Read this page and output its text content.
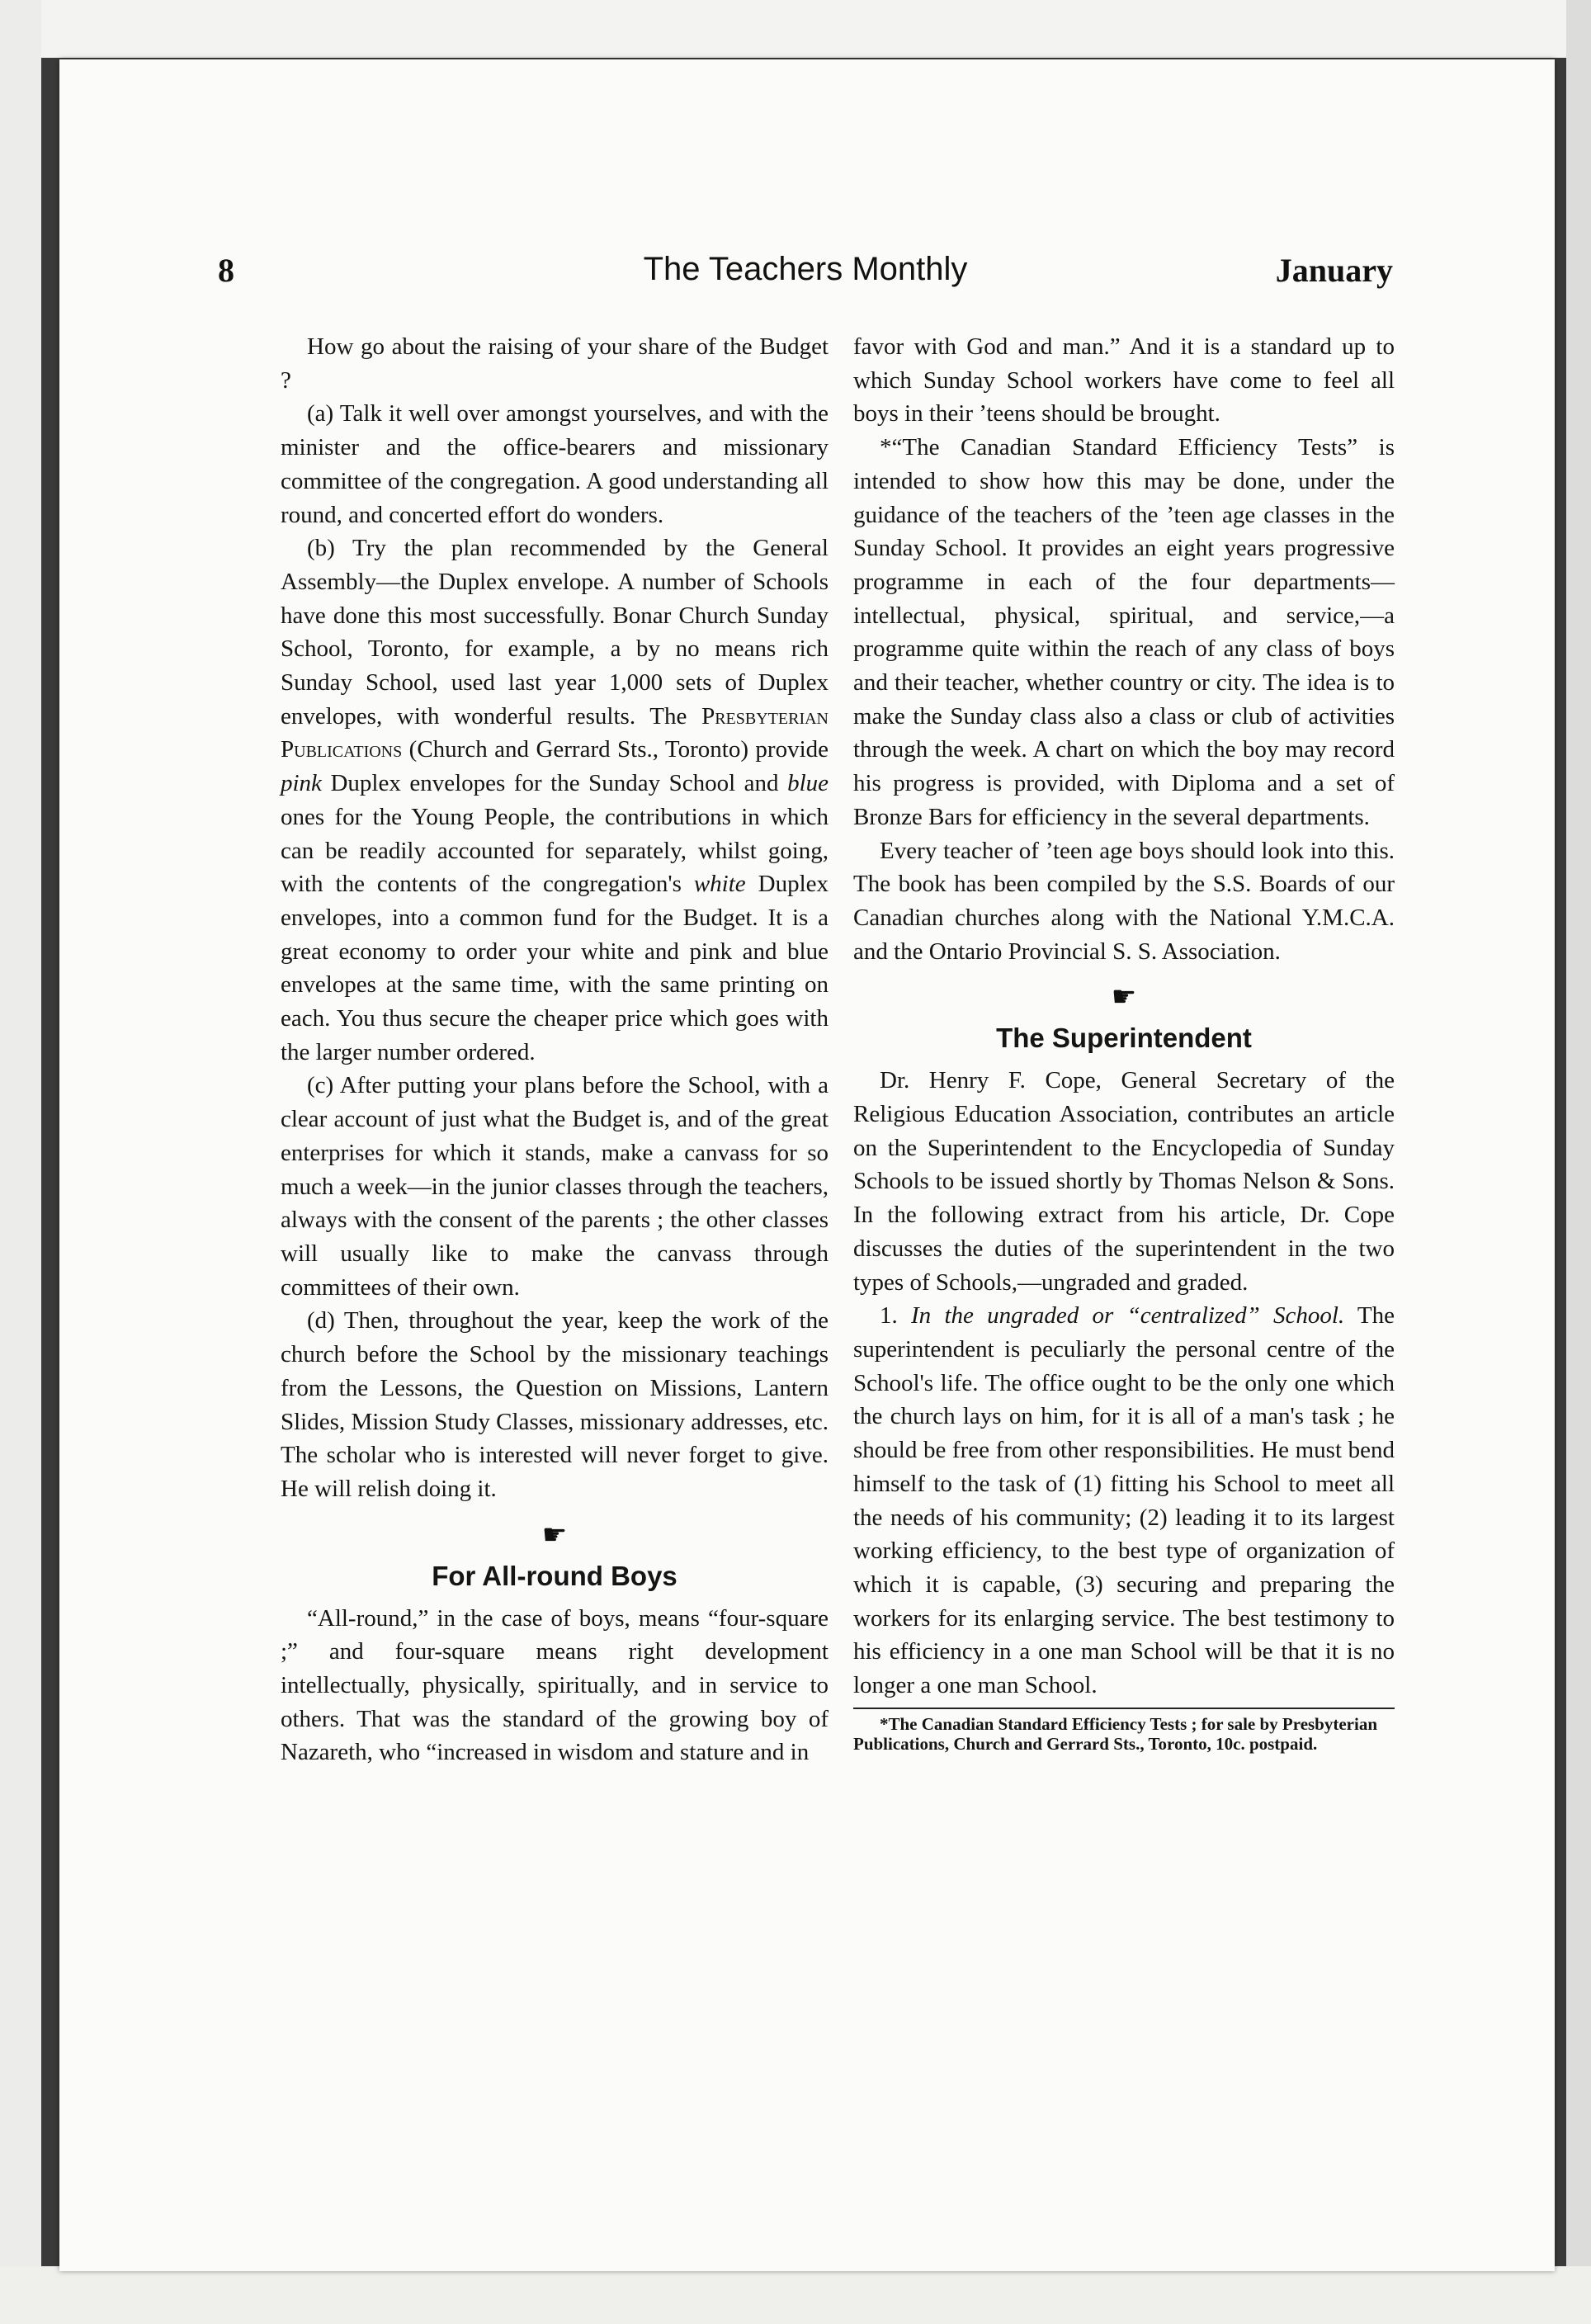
8	The Teachers Monthly	January

How go about the raising of your share of the Budget ?

(a) Talk it well over amongst yourselves, and with the minister and the office-bearers and missionary committee of the congregation. A good understanding all round, and concerted effort do wonders.

(b) Try the plan recommended by the General Assembly—the Duplex envelope. A number of Schools have done this most successfully. Bonar Church Sunday School, Toronto, for example, a by no means rich Sunday School, used last year 1,000 sets of Duplex envelopes, with wonderful results. The Presbyterian Publications (Church and Gerrard Sts., Toronto) provide pink Duplex envelopes for the Sunday School and blue ones for the Young People, the contributions in which can be readily accounted for separately, whilst going, with the contents of the congregation's white Duplex envelopes, into a common fund for the Budget. It is a great economy to order your white and pink and blue envelopes at the same time, with the same printing on each. You thus secure the cheaper price which goes with the larger number ordered.

(c) After putting your plans before the School, with a clear account of just what the Budget is, and of the great enterprises for which it stands, make a canvass for so much a week—in the junior classes through the teachers, always with the consent of the parents ; the other classes will usually like to make the canvass through committees of their own.

(d) Then, throughout the year, keep the work of the church before the School by the missionary teachings from the Lessons, the Question on Missions, Lantern Slides, Mission Study Classes, missionary addresses, etc. The scholar who is interested will never forget to give. He will relish doing it.

☛
For All-round Boys

“All-round,” in the case of boys, means “four-square ;” and four-square means right development intellectually, physically, spiritually, and in service to others. That was the standard of the growing boy of Nazareth, who “increased in wisdom and stature and in

favor with God and man.” And it is a standard up to which Sunday School workers have come to feel all boys in their ’teens should be brought.

*“The Canadian Standard Efficiency Tests” is intended to show how this may be done, under the guidance of the teachers of the ’teen age classes in the Sunday School. It provides an eight years progressive programme in each of the four departments—intellectual, physical, spiritual, and service,—a programme quite within the reach of any class of boys and their teacher, whether country or city. The idea is to make the Sunday class also a class or club of activities through the week. A chart on which the boy may record his progress is provided, with Diploma and a set of Bronze Bars for efficiency in the several departments.

Every teacher of ’teen age boys should look into this. The book has been compiled by the S.S. Boards of our Canadian churches along with the National Y.M.C.A. and the Ontario Provincial S. S. Association.

☛
The Superintendent

Dr. Henry F. Cope, General Secretary of the Religious Education Association, contributes an article on the Superintendent to the Encyclopedia of Sunday Schools to be issued shortly by Thomas Nelson & Sons. In the following extract from his article, Dr. Cope discusses the duties of the superintendent in the two types of Schools,—ungraded and graded.

1. In the ungraded or “centralized” School. The superintendent is peculiarly the personal centre of the School's life. The office ought to be the only one which the church lays on him, for it is all of a man's task ; he should be free from other responsibilities. He must bend himself to the task of (1) fitting his School to meet all the needs of his community; (2) leading it to its largest working efficiency, to the best type of organization of which it is capable, (3) securing and preparing the workers for its enlarging service. The best testimony to his efficiency in a one man School will be that it is no longer a one man School.

*The Canadian Standard Efficiency Tests ; for sale by Presbyterian Publications, Church and Gerrard Sts., Toronto, 10c. postpaid.
